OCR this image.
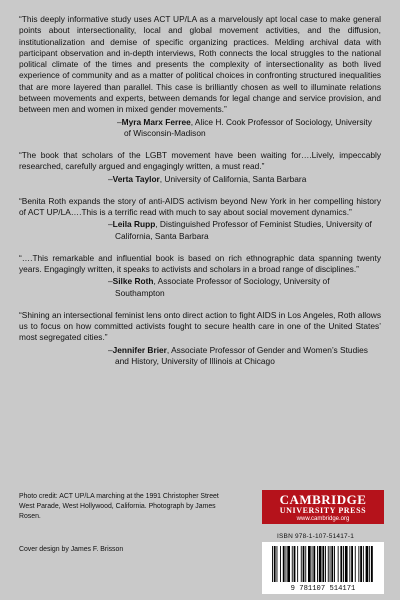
“This deeply informative study uses ACT UP/LA as a marvelously apt local case to make general points about intersectionality, local and global movement activities, and the diffusion, institutionalization and demise of specific organizing practices. Melding archival data with participant observation and in-depth interviews, Roth connects the local struggles to the national political climate of the times and presents the complexity of intersectionality as both lived experience of community and as a matter of political choices in confronting structured inequalities that are more layered than parallel. This case is brilliantly chosen as well to illuminate relations between movements and experts, between demands for legal change and service provision, and between men and women in mixed gender movements.”

–Myra Marx Ferree, Alice H. Cook Professor of Sociology, University of Wisconsin-Madison

“The book that scholars of the LGBT movement have been waiting for….Lively, impeccably researched, carefully argued and engagingly written, a must read.”

–Verta Taylor, University of California, Santa Barbara

“Benita Roth expands the story of anti-AIDS activism beyond New York in her compelling history of ACT UP/LA….This is a terrific read with much to say about social movement dynamics.”

–Leila Rupp, Distinguished Professor of Feminist Studies, University of California, Santa Barbara

“….This remarkable and influential book is based on rich ethnographic data spanning twenty years. Engagingly written, it speaks to activists and scholars in a broad range of disciplines.”

–Silke Roth, Associate Professor of Sociology, University of Southampton

“Shining an intersectional feminist lens onto direct action to fight AIDS in Los Angeles, Roth allows us to focus on how committed activists fought to secure health care in one of the United States’ most segregated cities.”

–Jennifer Brier, Associate Professor of Gender and Women’s Studies and History, University of Illinois at Chicago
Photo credit: ACT UP/LA marching at the 1991 Christopher Street West Parade, West Hollywood, California. Photograph by James Rosen.
Cover design by James F. Brisson
CAMBRIDGE
UNIVERSITY PRESS
www.cambridge.org
ISBN 978-1-107-51417-1
9 781107 514171
